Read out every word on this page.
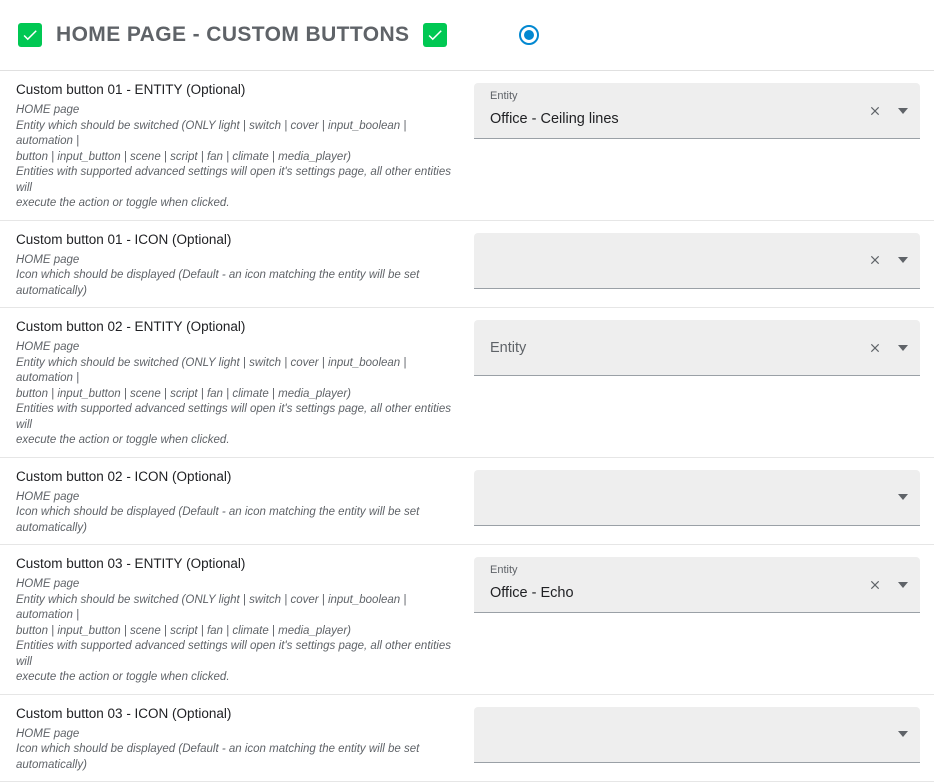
HOME PAGE - CUSTOM BUTTONS
Custom button 01 - ENTITY (Optional)
HOME page
Entity which should be switched (ONLY light | switch | cover | input_boolean | automation |
button | input_button | scene | script | fan | climate | media_player)
Entities with supported advanced settings will open it's settings page, all other entities will
execute the action or toggle when clicked.
Entity
Office - Ceiling lines
Custom button 01 - ICON (Optional)
HOME page
Icon which should be displayed (Default - an icon matching the entity will be set
automatically)
Custom button 02 - ENTITY (Optional)
HOME page
Entity which should be switched (ONLY light | switch | cover | input_boolean | automation |
button | input_button | scene | script | fan | climate | media_player)
Entities with supported advanced settings will open it's settings page, all other entities will
execute the action or toggle when clicked.
Entity
Custom button 02 - ICON (Optional)
HOME page
Icon which should be displayed (Default - an icon matching the entity will be set
automatically)
Custom button 03 - ENTITY (Optional)
HOME page
Entity which should be switched (ONLY light | switch | cover | input_boolean | automation |
button | input_button | scene | script | fan | climate | media_player)
Entities with supported advanced settings will open it's settings page, all other entities will
execute the action or toggle when clicked.
Entity
Office - Echo
Custom button 03 - ICON (Optional)
HOME page
Icon which should be displayed (Default - an icon matching the entity will be set
automatically)
